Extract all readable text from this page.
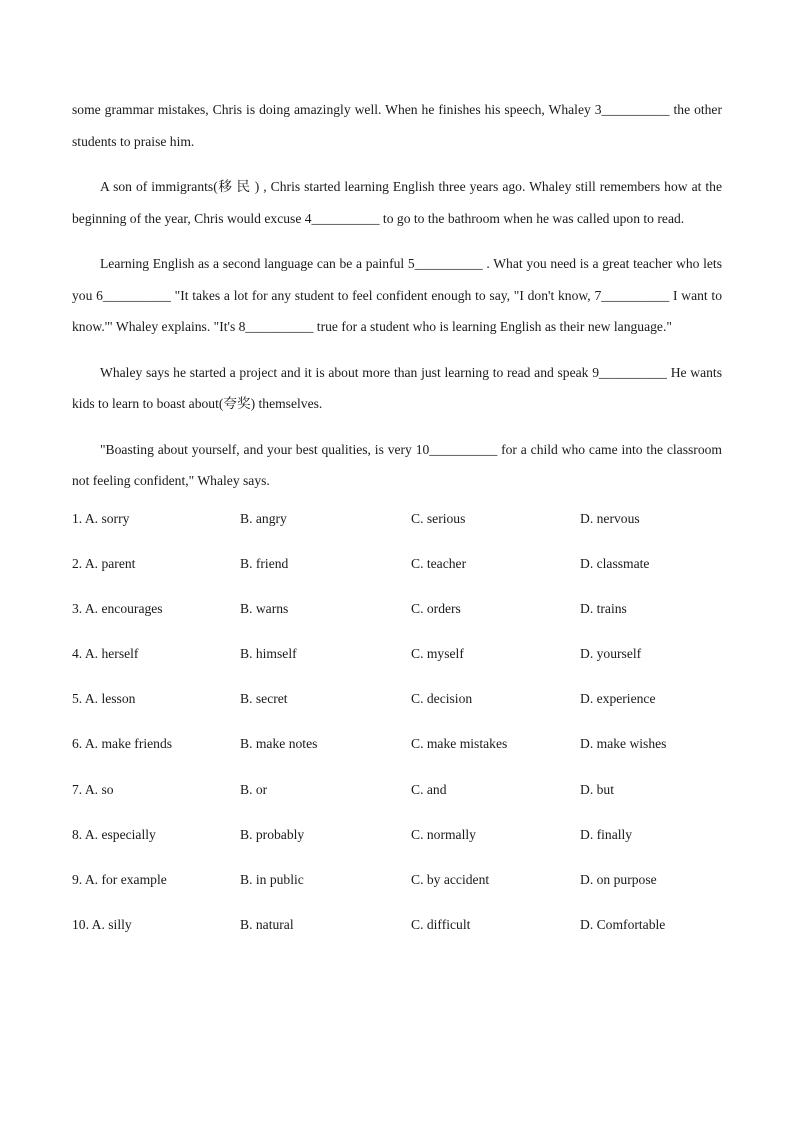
some grammar mistakes, Chris is doing amazingly well. When he finishes his speech, Whaley 3__________ the other students to praise him.

A son of immigrants(移 民 ) , Chris started learning English three years ago. Whaley still remembers how at the beginning of the year, Chris would excuse 4__________ to go to the bathroom when he was called upon to read.

Learning English as a second language can be a painful 5__________ . What you need is a great teacher who lets you 6__________ "It takes a lot for any student to feel confident enough to say, "I don't know, 7__________ I want to know.'" Whaley explains. "It's 8__________ true for a student who is learning English as their new language."

Whaley says he started a project and it is about more than just learning to read and speak 9__________ He wants kids to learn to boast about(夸奖) themselves.

"Boasting about yourself, and your best qualities, is very 10__________ for a child who came into the classroom not feeling confident," Whaley says.

1. A. sorry	B. angry	C. serious	D. nervous
2. A. parent	B. friend	C. teacher	D. classmate
3. A. encourages	B. warns	C. orders	D. trains
4. A. herself	B. himself	C. myself	D. yourself
5. A. lesson	B. secret	C. decision	D. experience
6. A. make friends	B. make notes	C. make mistakes	D. make wishes
7. A. so	B. or	C. and	D. but
8. A. especially	B. probably	C. normally	D. finally
9. A. for example	B. in public	C. by accident	D. on purpose
10. A. silly	B. natural	C. difficult	D. Comfortable
